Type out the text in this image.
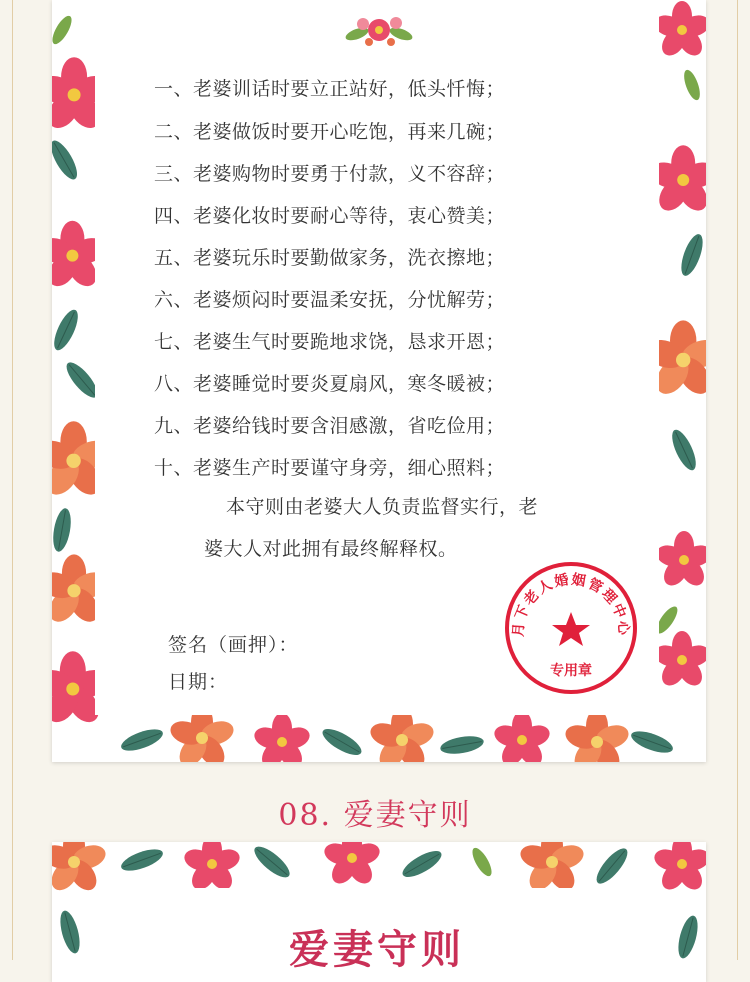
一、老婆训话时要立正站好，低头忏悔；
二、老婆做饭时要开心吃饱，再来几碗；
三、老婆购物时要勇于付款，义不容辞；
四、老婆化妆时要耐心等待，衷心赞美；
五、老婆玩乐时要勤做家务，洗衣擦地；
六、老婆烦闷时要温柔安抚，分忧解劳；
七、老婆生气时要跪地求饶，恳求开恩；
八、老婆睡觉时要炎夏扇风，寒冬暖被；
九、老婆给钱时要含泪感激，省吃俭用；
十、老婆生产时要谨守身旁，细心照料；
本守则由老婆大人负责监督实行，老婆大人对此拥有最终解释权。
签名（画押）：
日期：
月下老人婚姻管理中心
专用章
08. 爱妻守则
爱妻守则
